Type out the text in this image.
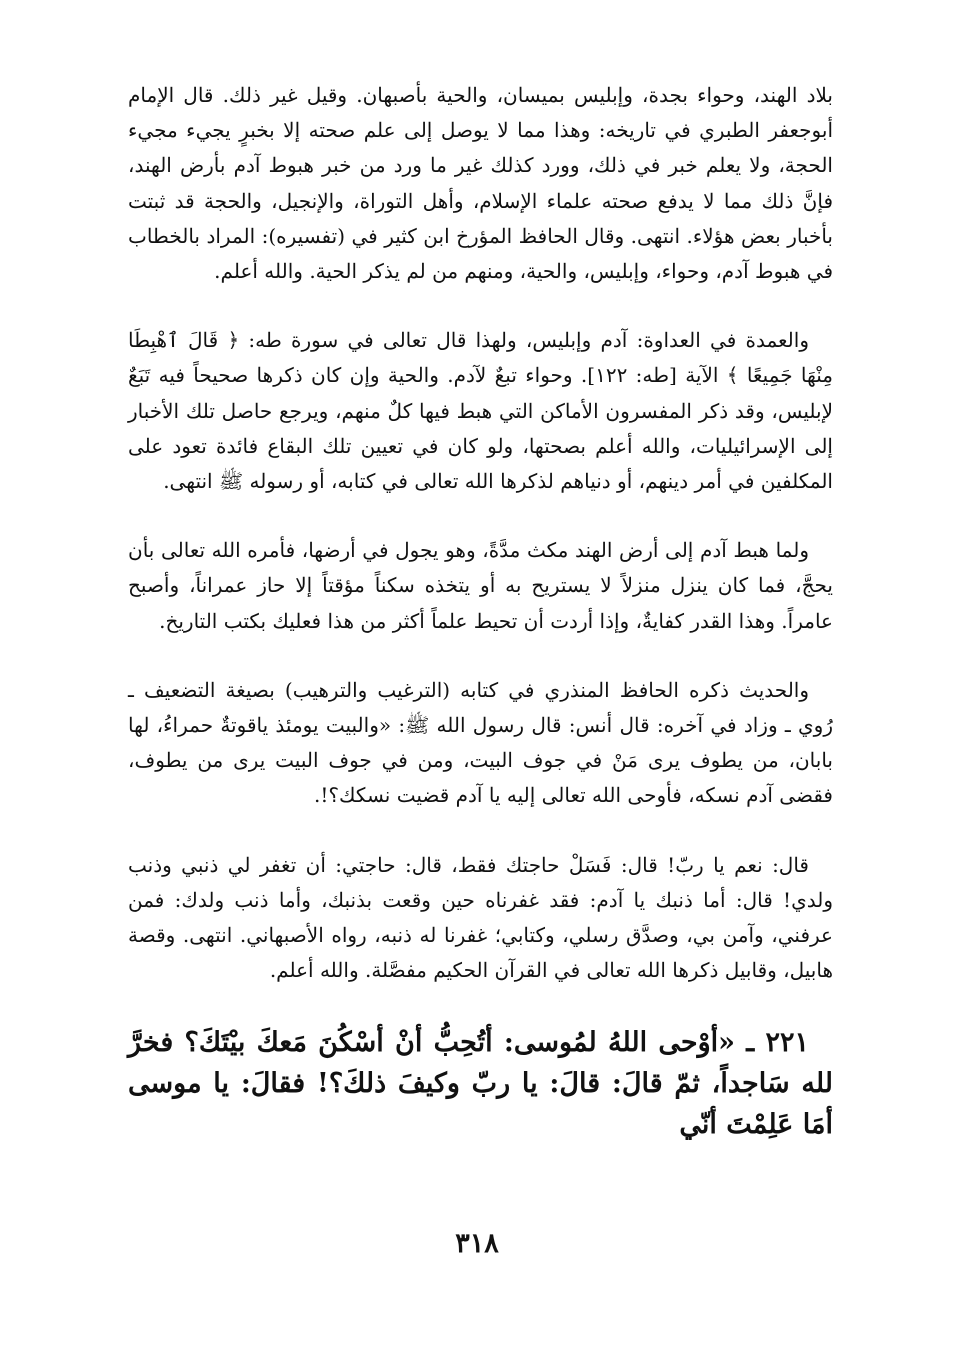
بلاد الهند، وحواء بجدة، وإبليس بميسان، والحية بأصبهان. وقيل غير ذلك. قال الإمام أبوجعفر الطبري في تاريخه: وهذا مما لا يوصل إلى علم صحته إلا بخبرٍ يجيء مجيء الحجة، ولا يعلم خبر في ذلك، وورد كذلك غير ما ورد من خبر هبوط آدم بأرض الهند، فإنَّ ذلك مما لا يدفع صحته علماء الإسلام، وأهل التوراة، والإنجيل، والحجة قد ثبتت بأخبار بعض هؤلاء. انتهى. وقال الحافظ المؤرخ ابن كثير في (تفسيره): المراد بالخطاب في هبوط آدم، وحواء، وإبليس، والحية، ومنهم من لم يذكر الحية. والله أعلم.

والعمدة في العداوة: آدم وإبليس، ولهذا قال تعالى في سورة طه: ﴿ قَالَ ٱهْبِطَا مِنْهَا جَمِيعًا ﴾ الآية [طه: ١٢٢]. وحواء تبعٌ لآدم. والحية وإن كان ذكرها صحيحاً فيه تَبَعٌ لإبليس، وقد ذكر المفسرون الأماكن التي هبط فيها كلٌ منهم، ويرجع حاصل تلك الأخبار إلى الإسرائيليات، والله أعلم بصحتها، ولو كان في تعيين تلك البقاع فائدة تعود على المكلفين في أمر دينهم، أو دنياهم لذكرها الله تعالى في كتابه، أو رسوله ﷺ انتهى.

ولما هبط آدم إلى أرض الهند مكث مدَّةً، وهو يجول في أرضها، فأمره الله تعالى بأن يحجَّ، فما كان ينزل منزلاً لا يستريح به أو يتخذه سكناً مؤقتاً إلا حاز عمراناً، وأصبح عامراً. وهذا القدر كفايةٌ، وإذا أردت أن تحيط علماً أكثر من هذا فعليك بكتب التاريخ.

والحديث ذكره الحافظ المنذري في كتابه (الترغيب والترهيب) بصيغة التضعيف ـ رُوي ـ وزاد في آخره: قال أنس: قال رسول الله ﷺ: «والبيت يومئذ ياقوتةٌ حمراءُ، لها بابان، من يطوف يرى مَنْ في جوف البيت، ومن في جوف البيت يرى من يطوف، فقضى آدم نسكه، فأوحى الله تعالى إليه يا آدم قضيت نسكك؟!.

قال: نعم يا ربّ! قال: فَسَلْ حاجتك فقط، قال: حاجتي: أن تغفر لي ذنبي وذنب ولدي! قال: أما ذنبك يا آدم: فقد غفرناه حين وقعت بذنبك، وأما ذنب ولدك: فمن عرفني، وآمن بي، وصدَّق رسلي، وكتابي؛ غفرنا له ذنبه، رواه الأصبهاني. انتهى. وقصة هابيل، وقابيل ذكرها الله تعالى في القرآن الحكيم مفصَّلة. والله أعلم.

٢٢١ ـ «أوْحى اللهُ لمُوسى: أتُحِبُّ أنْ أسْكُنَ مَعكَ بيْتَكَ؟ فخرَّ لله سَاجداً، ثمّ قالَ: قالَ: يا ربّ وكيفَ ذلكَ؟! فقالَ: يا موسى أمَا عَلِمْتَ أنّي

٣١٨
